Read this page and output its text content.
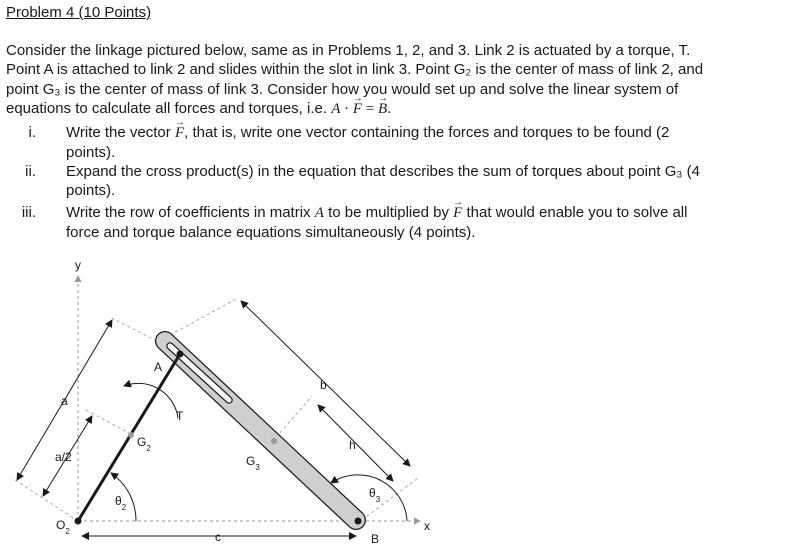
Problem 4 (10 Points)
Consider the linkage pictured below, same as in Problems 1, 2, and 3. Link 2 is actuated by a torque, T.
Point A is attached to link 2 and slides within the slot in link 3. Point G₂ is the center of mass of link 2, and
point G₃ is the center of mass of link 3. Consider how you would set up and solve the linear system of
equations to calculate all forces and torques, i.e. A · F → = B →.
i. Write the vector F →, that is, write one vector containing the forces and torques to be found (2
points).
ii. Expand the cross product(s) in the equation that describes the sum of torques about point G₃ (4
points).
iii. Write the row of coefficients in matrix A to be multiplied by F → that would enable you to solve all
force and torque balance equations simultaneously (4 points).
y
x
A
B
T
a
a/2
b
h
c
$O_2$
$G_2$
$G_3$
$\theta_2$
$\theta_3$
